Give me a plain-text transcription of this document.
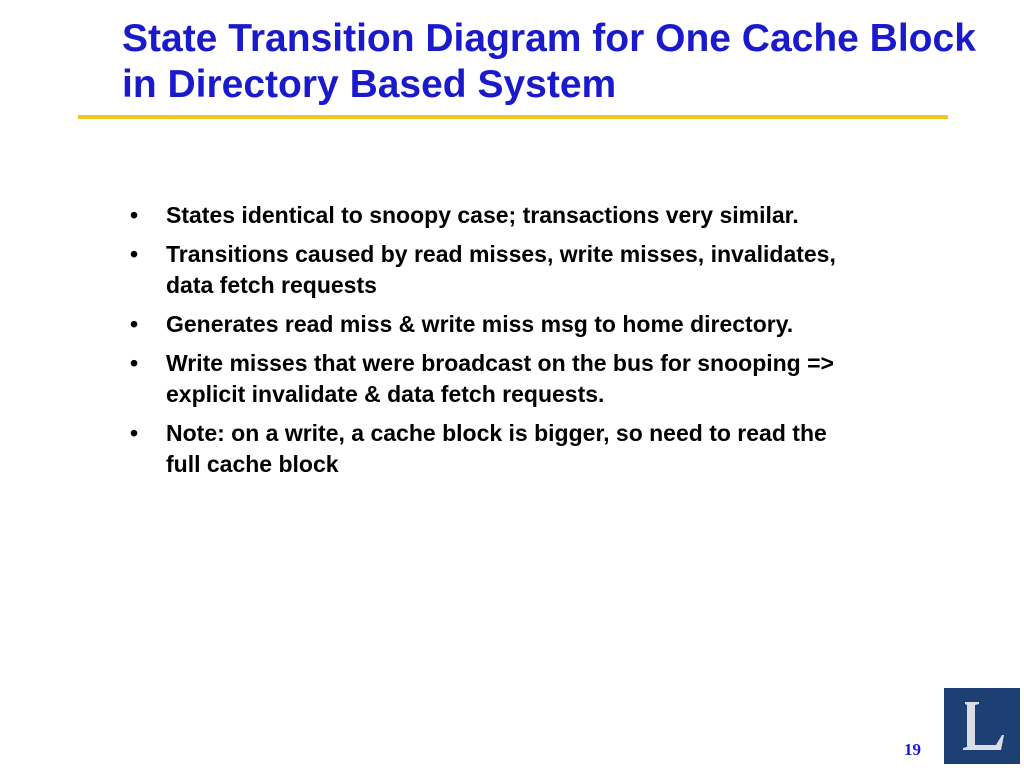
State Transition Diagram for One Cache Block in Directory Based System
• States identical to snoopy case; transactions very similar.
• Transitions caused by read misses, write misses, invalidates, data fetch requests
• Generates read miss & write miss msg to home directory.
• Write misses that were broadcast on the bus for snooping => explicit invalidate & data fetch requests.
• Note: on a write, a cache block is bigger, so need to read the full cache block
19
